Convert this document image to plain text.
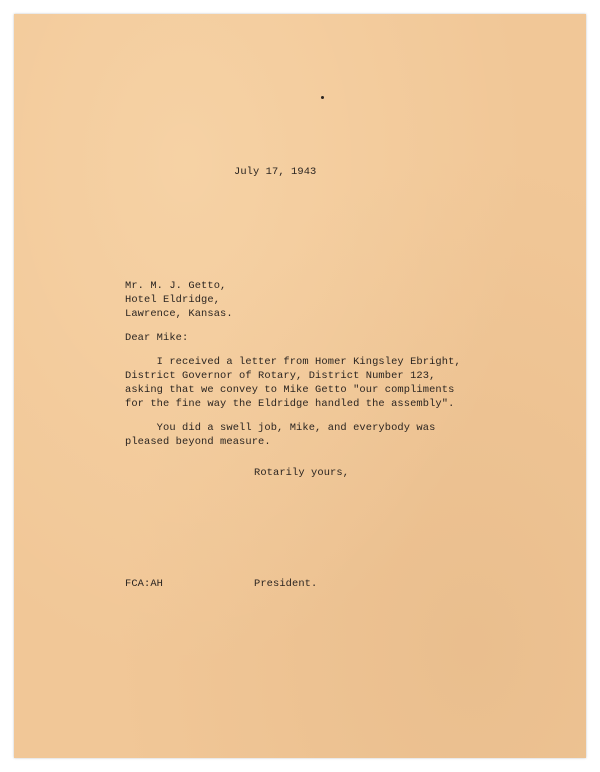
July 17, 1943
Mr. M. J. Getto,
Hotel Eldridge,
Lawrence, Kansas.
Dear Mike:
I received a letter from Homer Kingsley Ebright,
District Governor of Rotary, District Number 123,
asking that we convey to Mike Getto "our compliments
for the fine way the Eldridge handled the assembly".
You did a swell job, Mike, and everybody was
pleased beyond measure.
Rotarily yours,
FCA:AH	President.
